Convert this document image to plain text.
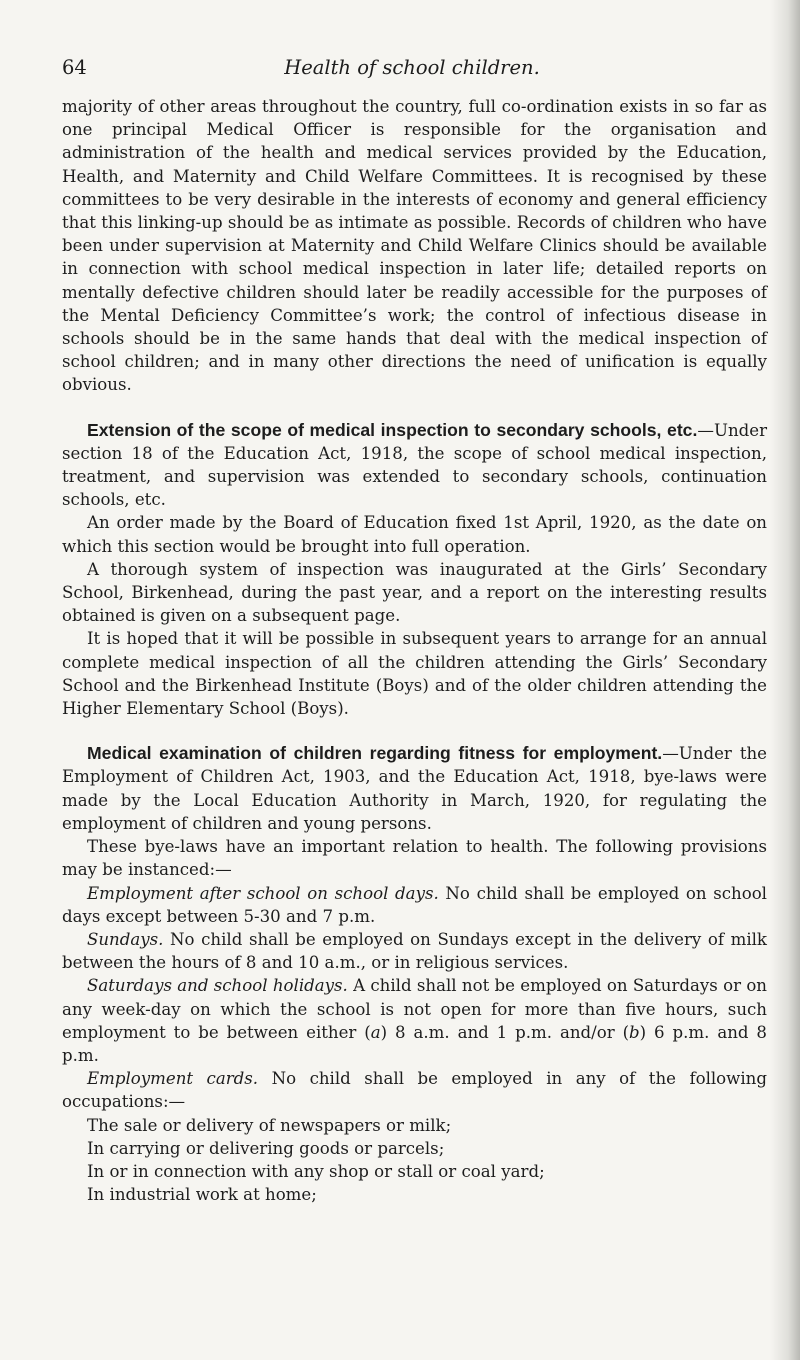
64	Health of school children.

majority of other areas throughout the country, full co-ordination exists in so far as one principal Medical Officer is responsible for the organisation and administration of the health and medical services provided by the Education, Health, and Maternity and Child Welfare Committees. It is recognised by these committees to be very desirable in the interests of economy and general efficiency that this linking-up should be as intimate as possible. Records of children who have been under supervision at Maternity and Child Welfare Clinics should be available in connection with school medical inspection in later life; detailed reports on mentally defective children should later be readily accessible for the purposes of the Mental Deficiency Committee’s work; the control of infectious disease in schools should be in the same hands that deal with the medical inspection of school children; and in many other directions the need of unification is equally obvious.

Extension of the scope of medical inspection to secondary schools, etc.—Under section 18 of the Education Act, 1918, the scope of school medical inspection, treatment, and supervision was extended to secondary schools, continuation schools, etc.

An order made by the Board of Education fixed 1st April, 1920, as the date on which this section would be brought into full operation.

A thorough system of inspection was inaugurated at the Girls’ Secondary School, Birkenhead, during the past year, and a report on the interesting results obtained is given on a subsequent page.

It is hoped that it will be possible in subsequent years to arrange for an annual complete medical inspection of all the children attending the Girls’ Secondary School and the Birkenhead Institute (Boys) and of the older children attending the Higher Elementary School (Boys).

Medical examination of children regarding fitness for employment.—Under the Employment of Children Act, 1903, and the Education Act, 1918, bye-laws were made by the Local Education Authority in March, 1920, for regulating the employment of children and young persons.

These bye-laws have an important relation to health. The following provisions may be instanced:—

Employment after school on school days. No child shall be employed on school days except between 5-30 and 7 p.m.

Sundays. No child shall be employed on Sundays except in the delivery of milk between the hours of 8 and 10 a.m., or in religious services.

Saturdays and school holidays. A child shall not be employed on Saturdays or on any week-day on which the school is not open for more than five hours, such employment to be between either (a) 8 a.m. and 1 p.m. and/or (b) 6 p.m. and 8 p.m.

Employment cards. No child shall be employed in any of the following occupations:—

The sale or delivery of newspapers or milk;

In carrying or delivering goods or parcels;

In or in connection with any shop or stall or coal yard;

In industrial work at home;
